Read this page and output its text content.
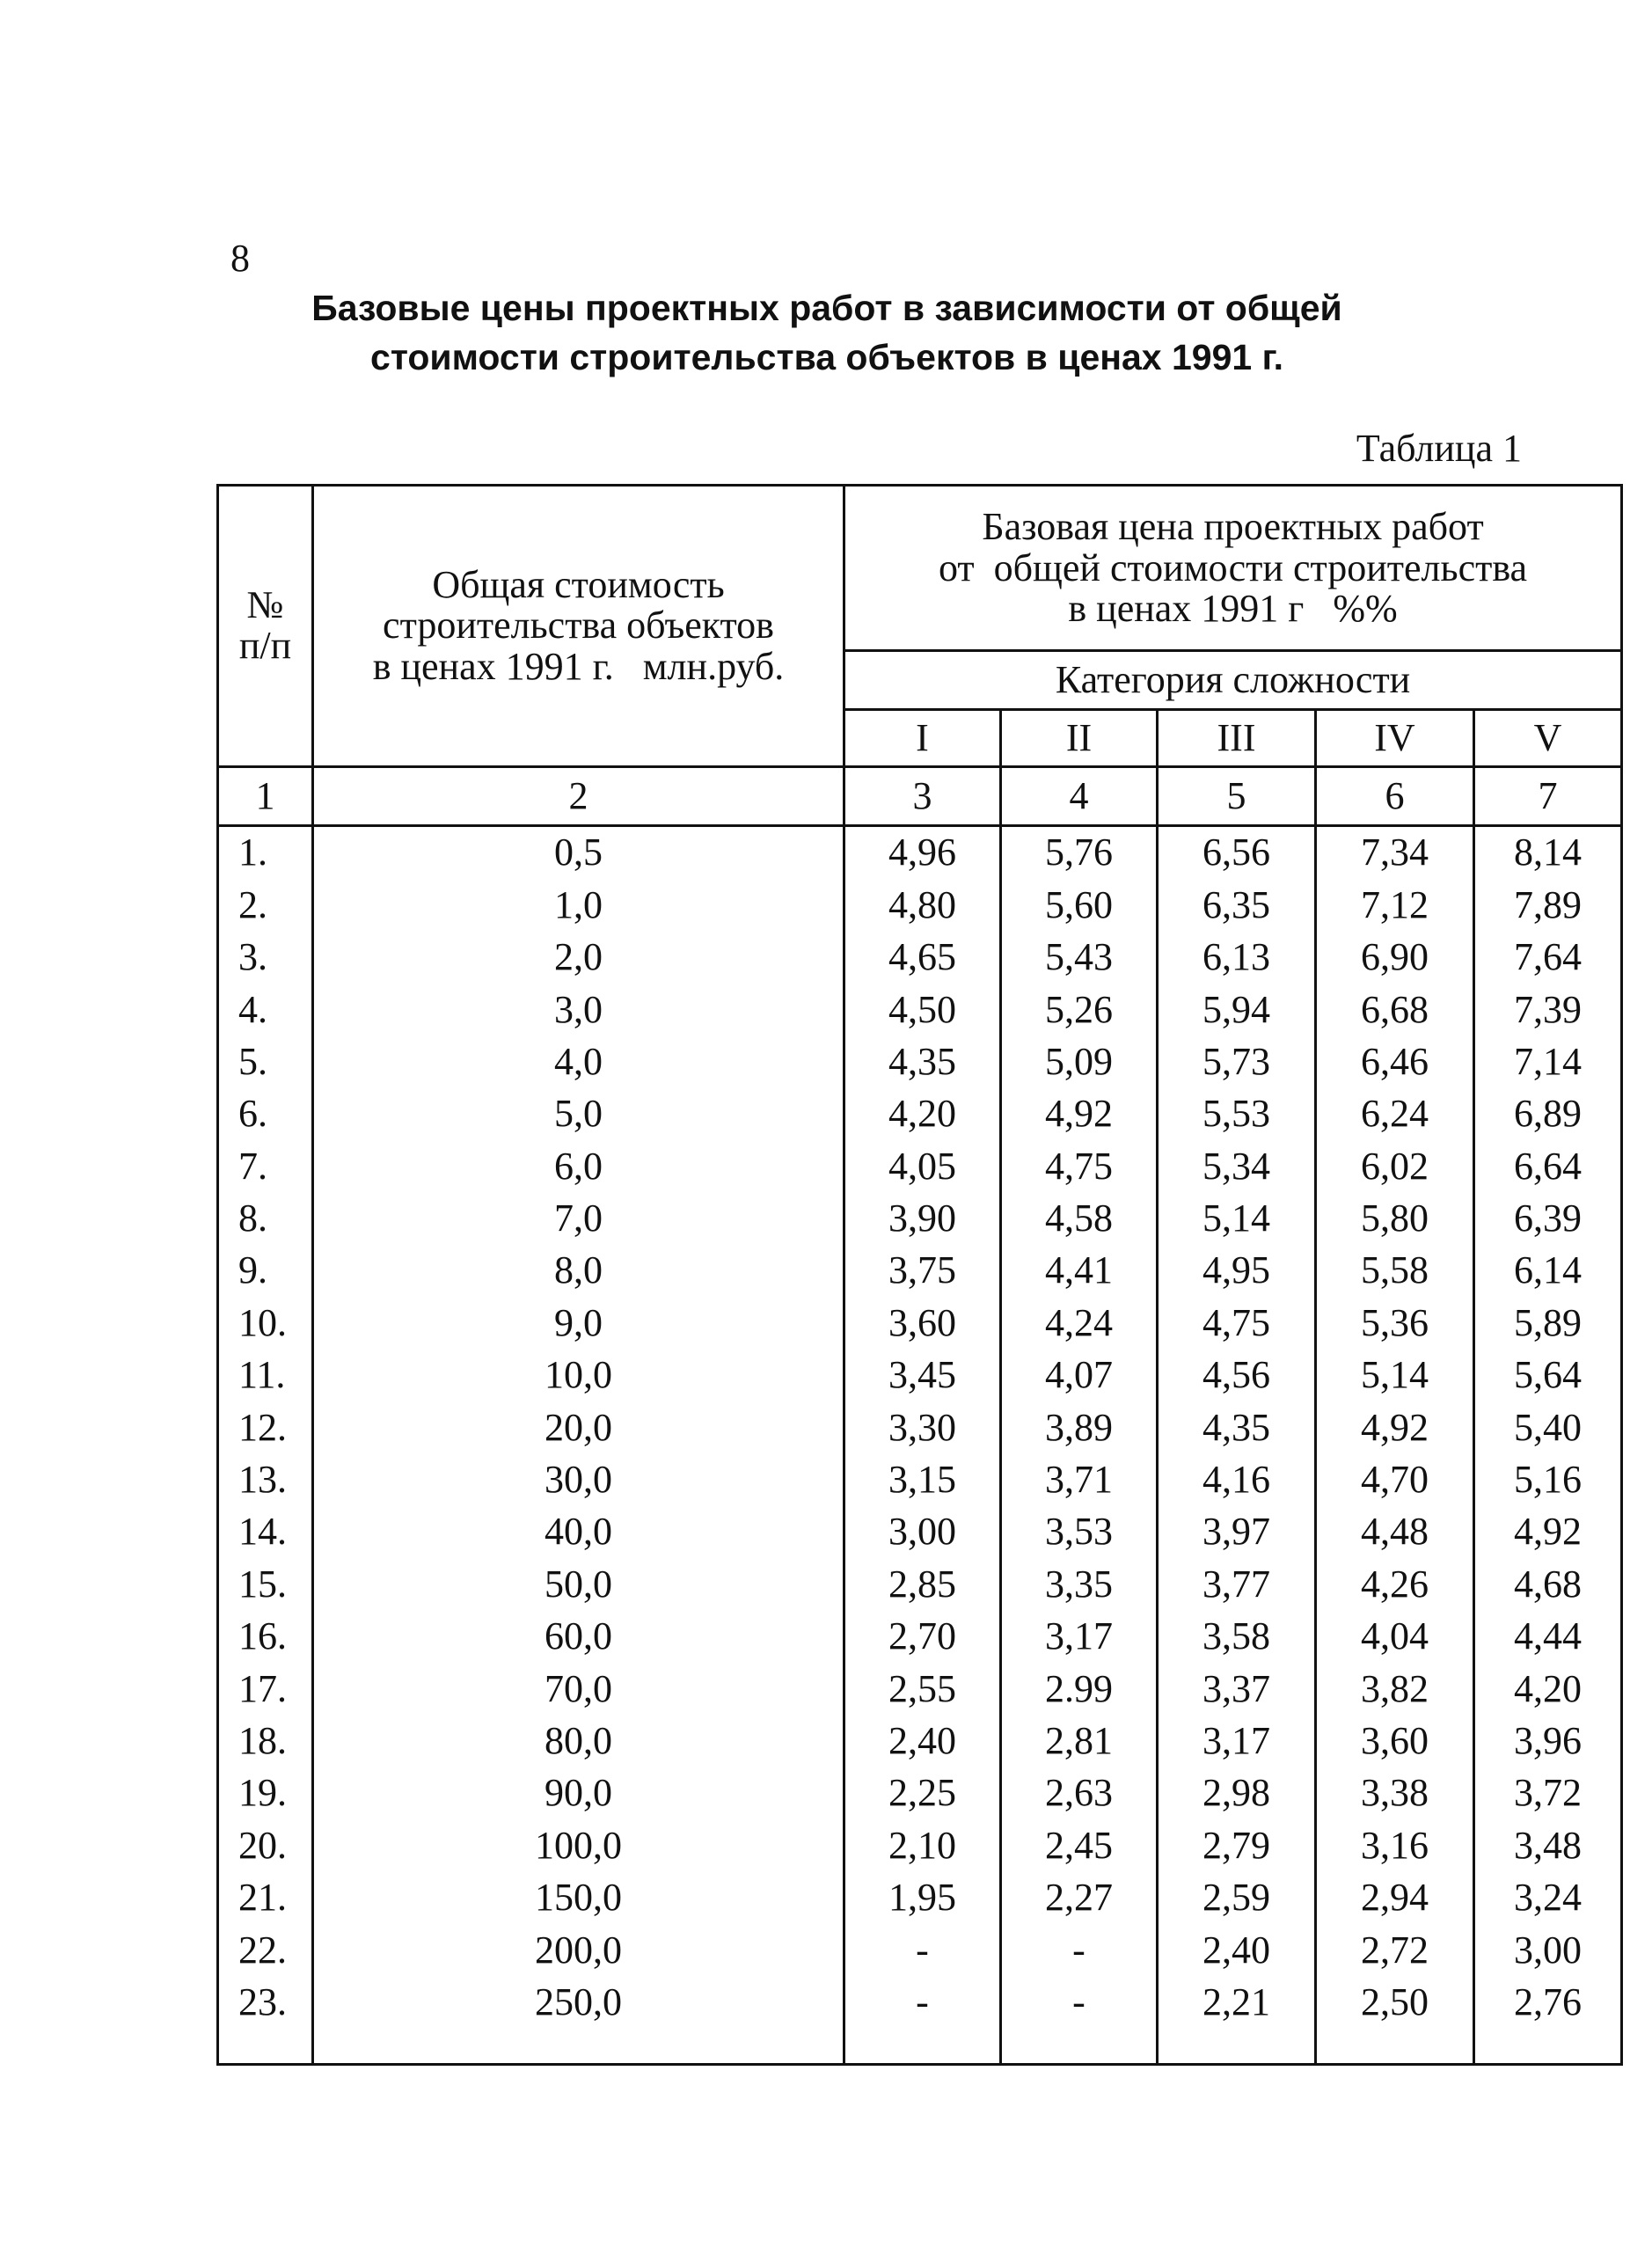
8
Базовые цены проектных работ в зависимости от общей
стоимости строительства объектов в ценах 1991 г.
Таблица 1
№
п/п	Общая стоимость
строительства объектов
в ценах 1991 г.   млн.руб.	Базовая цена проектных работ
от  общей стоимости строительства
в ценах 1991 г   %%				

		Категория сложности				
		I	II	III	IV	V
1	2	3	4	5	6	7
1.	0,5	4,96	5,76	6,56	7,34	8,14
2.	1,0	4,80	5,60	6,35	7,12	7,89
3.	2,0	4,65	5,43	6,13	6,90	7,64
4.	3,0	4,50	5,26	5,94	6,68	7,39
5.	4,0	4,35	5,09	5,73	6,46	7,14
6.	5,0	4,20	4,92	5,53	6,24	6,89
7.	6,0	4,05	4,75	5,34	6,02	6,64
8.	7,0	3,90	4,58	5,14	5,80	6,39
9.	8,0	3,75	4,41	4,95	5,58	6,14
10.	9,0	3,60	4,24	4,75	5,36	5,89
11.	10,0	3,45	4,07	4,56	5,14	5,64
12.	20,0	3,30	3,89	4,35	4,92	5,40
13.	30,0	3,15	3,71	4,16	4,70	5,16
14.	40,0	3,00	3,53	3,97	4,48	4,92
15.	50,0	2,85	3,35	3,77	4,26	4,68
16.	60,0	2,70	3,17	3,58	4,04	4,44
17.	70,0	2,55	2.99	3,37	3,82	4,20
18.	80,0	2,40	2,81	3,17	3,60	3,96
19.	90,0	2,25	2,63	2,98	3,38	3,72
20.	100,0	2,10	2,45	2,79	3,16	3,48
21.	150,0	1,95	2,27	2,59	2,94	3,24
22.	200,0	-	-	2,40	2,72	3,00
23.	250,0	-	-	2,21	2,50	2,76
